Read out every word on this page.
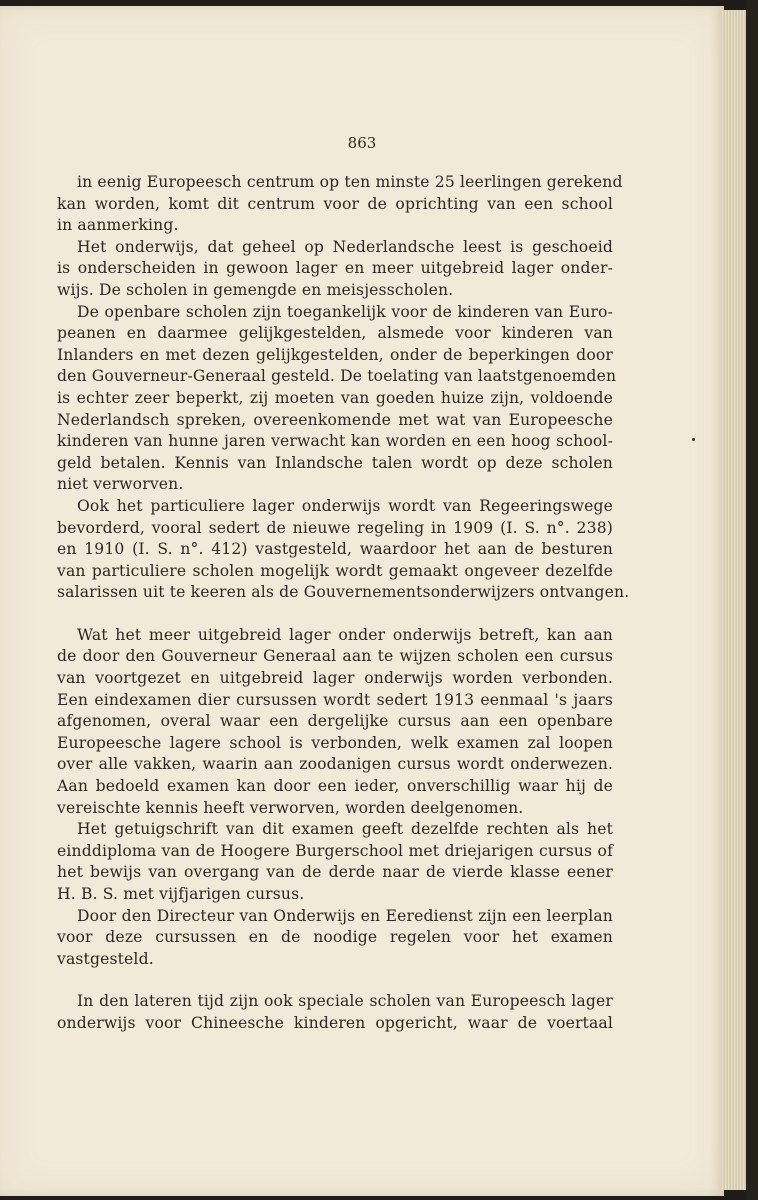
863
in eenig Europeesch centrum op ten minste 25 leerlingen gerekend
kan worden, komt dit centrum voor de oprichting van een school
in aanmerking.
Het onderwijs, dat geheel op Nederlandsche leest is geschoeid
is onderscheiden in gewoon lager en meer uitgebreid lager onder-
wijs. De scholen in gemengde en meisjesscholen.
De openbare scholen zijn toegankelijk voor de kinderen van Euro-
peanen en daarmee gelijkgestelden, alsmede voor kinderen van
Inlanders en met dezen gelijkgestelden, onder de beperkingen door
den Gouverneur-Generaal gesteld. De toelating van laatstgenoemden
is echter zeer beperkt, zij moeten van goeden huize zijn, voldoende
Nederlandsch spreken, overeenkomende met wat van Europeesche
kinderen van hunne jaren verwacht kan worden en een hoog school-
geld betalen. Kennis van Inlandsche talen wordt op deze scholen
niet verworven.
Ook het particuliere lager onderwijs wordt van Regeeringswege
bevorderd, vooral sedert de nieuwe regeling in 1909 (I. S. n°. 238)
en 1910 (I. S. n°. 412) vastgesteld, waardoor het aan de besturen
van particuliere scholen mogelijk wordt gemaakt ongeveer dezelfde
salarissen uit te keeren als de Gouvernementsonderwijzers ontvangen.
Wat het meer uitgebreid lager onder onderwijs betreft, kan aan
de door den Gouverneur Generaal aan te wijzen scholen een cursus
van voortgezet en uitgebreid lager onderwijs worden verbonden.
Een eindexamen dier cursussen wordt sedert 1913 eenmaal 's jaars
afgenomen, overal waar een dergelijke cursus aan een openbare
Europeesche lagere school is verbonden, welk examen zal loopen
over alle vakken, waarin aan zoodanigen cursus wordt onderwezen.
Aan bedoeld examen kan door een ieder, onverschillig waar hij de
vereischte kennis heeft verworven, worden deelgenomen.
Het getuigschrift van dit examen geeft dezelfde rechten als het
einddiploma van de Hoogere Burgerschool met driejarigen cursus of
het bewijs van overgang van de derde naar de vierde klasse eener
H. B. S. met vijfjarigen cursus.
Door den Directeur van Onderwijs en Eeredienst zijn een leerplan
voor deze cursussen en de noodige regelen voor het examen
vastgesteld.
In den lateren tijd zijn ook speciale scholen van Europeesch lager
onderwijs voor Chineesche kinderen opgericht, waar de voertaal
